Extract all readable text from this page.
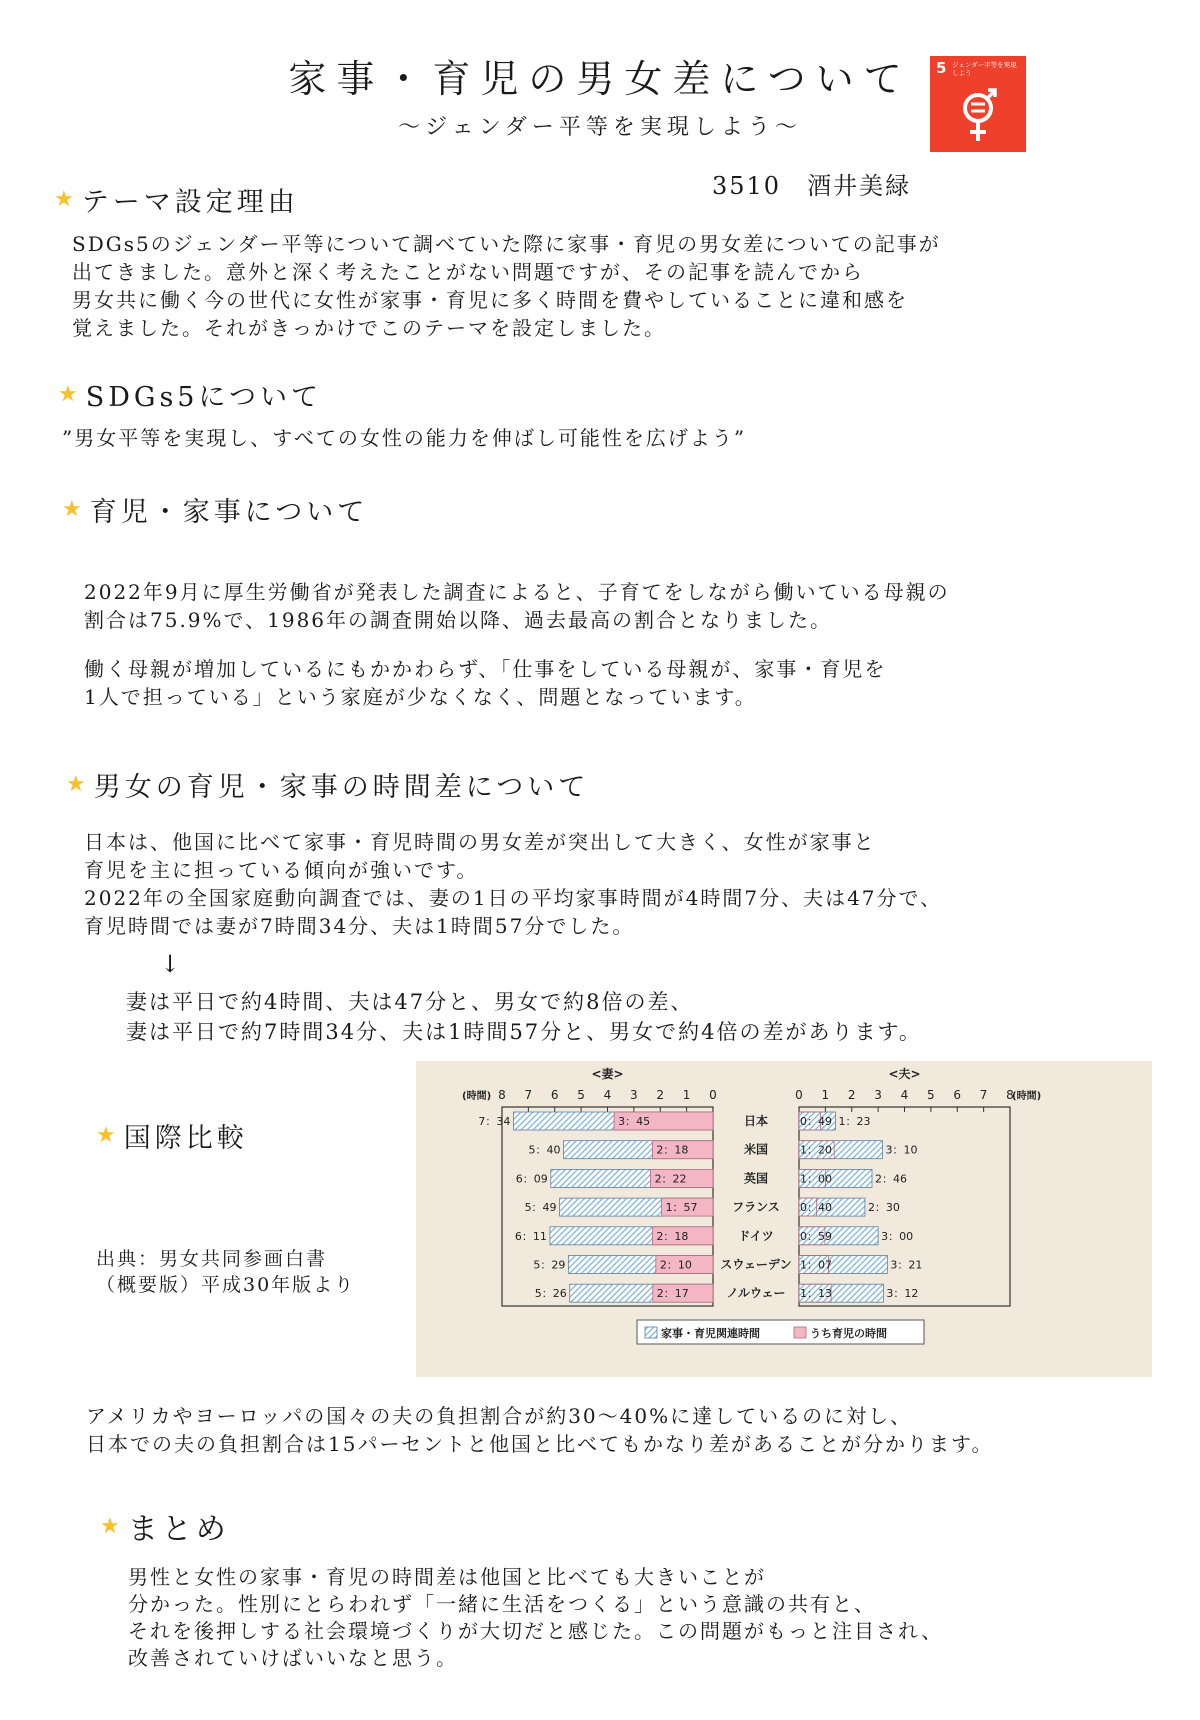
家事・育児の男女差について
～ジェンダー平等を実現しよう～
5 ジェンダー平等を実現しよう
3510　酒井美緑
★ テーマ設定理由

SDGs5のジェンダー平等について調べていた際に家事・育児の男女差についての記事が

出てきました。意外と深く考えたことがない問題ですが、その記事を読んでから

男女共に働く今の世代に女性が家事・育児に多く時間を費やしていることに違和感を

覚えました。それがきっかけでこのテーマを設定しました。

★ SDGs5について
”男女平等を実現し、すべての女性の能力を伸ばし可能性を広げよう”
★ 育児・家事について

2022年9月に厚生労働省が発表した調査によると、子育てをしながら働いている母親の

割合は75.9%で、1986年の調査開始以降、過去最高の割合となりました。

働く母親が増加しているにもかかわらず、「仕事をしている母親が、家事・育児を

1人で担っている」という家庭が少なくなく、問題となっています。

★ 男女の育児・家事の時間差について

日本は、他国に比べて家事・育児時間の男女差が突出して大きく、女性が家事と

育児を主に担っている傾向が強いです。

2022年の全国家庭動向調査では、妻の1日の平均家事時間が4時間7分、夫は47分で、

育児時間では妻が7時間34分、夫は1時間57分でした。

↓

妻は平日で約4時間、夫は47分と、男女で約8倍の差、

妻は平日で約7時間34分、夫は1時間57分と、男女で約4倍の差があります。

★ 国際比較
出典：男女共同参画白書
（概要版）平成30年版より
<妻>	<夫>
(時間) 8 7 6 5 4 3 2 1 0	0 1 2 3 4 5 6 7 8
(時間)
日本
7：34	3：45	0：49 1：23
米国
5：40	2：18	1：20	3：10
英国
6：09	2：22	1：00	2：46
フランス
5：49	1：57	0：40	2：30
ドイツ
6：11	2：18	0：59	3：00
スウェーデン
5：29	2：10	1：07	3：21
ノルウェー
5：26	2：17	1：13	3：12
家事・育児関連時間	うち育児の時間

アメリカやヨーロッパの国々の夫の負担割合が約30～40%に達しているのに対し、

日本での夫の負担割合は15パーセントと他国と比べてもかなり差があることが分かります。

★ まとめ

男性と女性の家事・育児の時間差は他国と比べても大きいことが

分かった。性別にとらわれず「一緒に生活をつくる」という意識の共有と、

それを後押しする社会環境づくりが大切だと感じた。この問題がもっと注目され、

改善されていけばいいなと思う。
